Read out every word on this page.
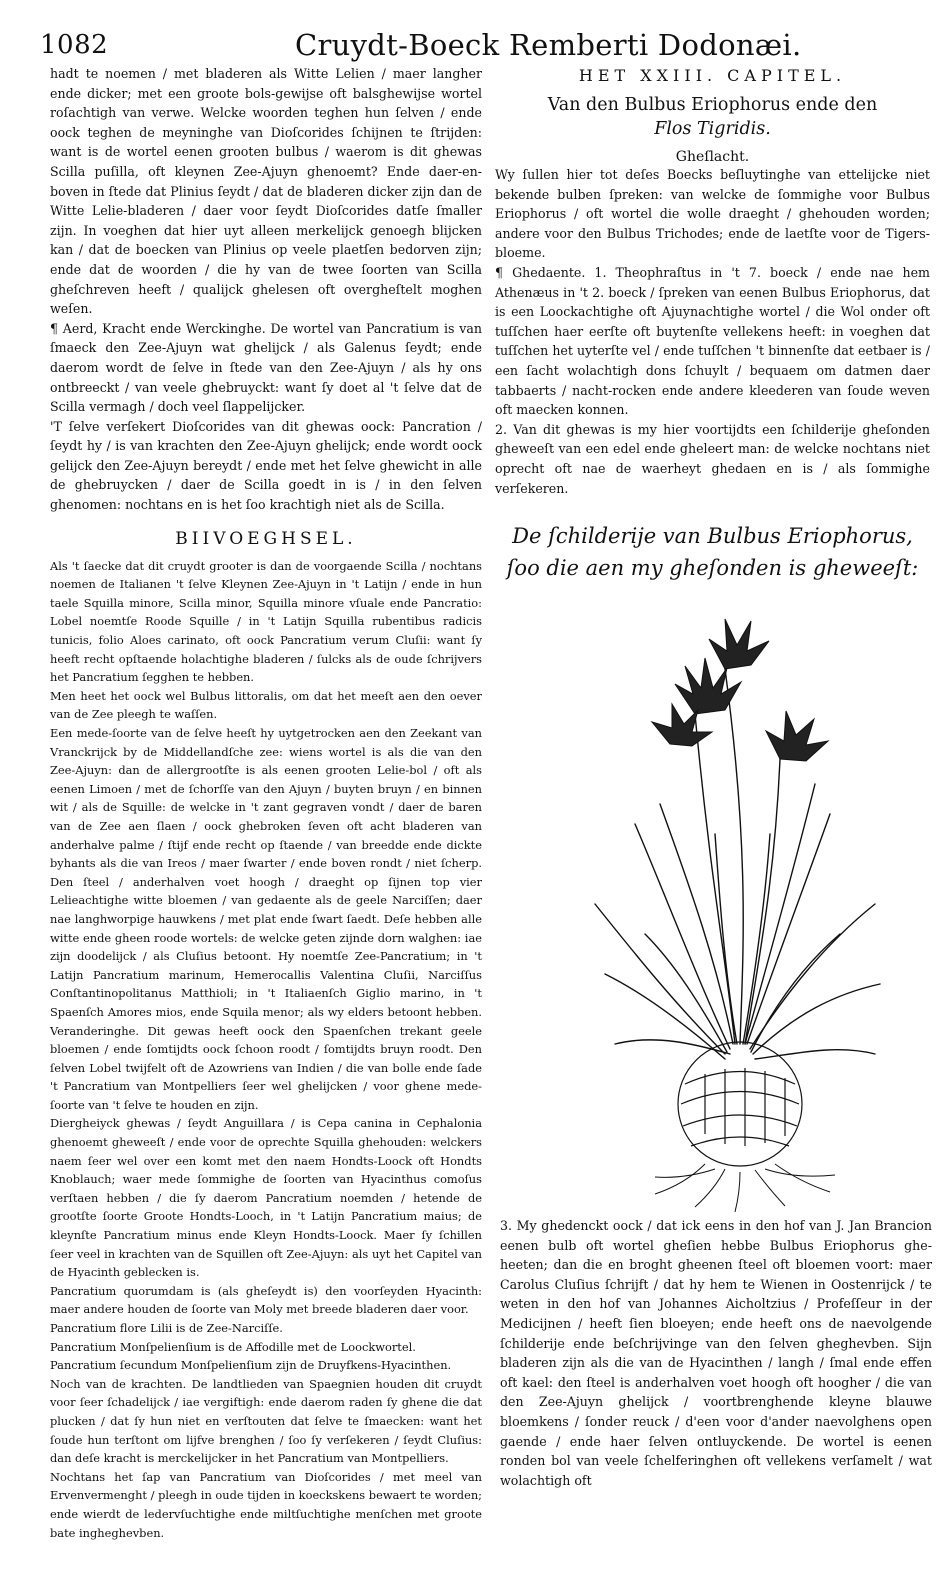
1082	Cruydt-Boeck Remberti Dodonæi.

hadt te noemen / met bladeren als Witte Lelien / maer langher ende dicker; met een groote bols-gewijse oft balsghewijse wortel roſachtigh van verwe. Welcke woorden teghen hun ſelven / ende oock teghen de meyninghe van Dioſcorides ſchijnen te ſtrijden: want is de wortel eenen grooten bulbus / waerom is dit ghewas Scilla puſilla, oft kleynen Zee-Ajuyn ghenoemt? Ende daer-en-boven in ſtede dat Plinius ſeydt / dat de bladeren dicker zijn dan de Witte Lelie-bladeren / daer voor ſeydt Dioſcorides datſe ſmaller zijn. In voeghen dat hier uyt alleen merkelijck genoegh blijcken kan / dat de boecken van Plinius op veele plaetſen bedorven zijn; ende dat de woorden / die hy van de twee ſoorten van Scilla gheſchreven heeft / qualijck ghelesen oft overgheſtelt moghen weſen.

¶ Aerd, Kracht ende Werckinghe. De wortel van Pancratium is van ſmaeck den Zee-Ajuyn wat ghelijck / als Galenus ſeydt; ende daerom wordt de ſelve in ſtede van den Zee-Ajuyn / als hy ons ontbreeckt / van veele ghebruyckt: want ſy doet al 't ſelve dat de Scilla vermagh / doch veel ſlappelijcker.

'T ſelve verſekert Dioſcorides van dit ghewas oock: Pancration / ſeydt hy / is van krachten den Zee-Ajuyn ghelijck; ende wordt oock gelijck den Zee-Ajuyn bereydt / ende met het ſelve ghewicht in alle de ghebruycken / daer de Scilla goedt in is / in den ſelven ghenomen: nochtans en is het ſoo krachtigh niet als de Scilla.

BIIVOEGHSEL.

Als 't ſaecke dat dit cruydt grooter is dan de voorgaende Scilla / nochtans noemen de Italianen 't ſelve Kleynen Zee-Ajuyn in 't Latijn / ende in hun taele Squilla minore, Scilla minor, Squilla minore vſuale ende Pancratio: Lobel noemtſe Roode Squille / in 't Latijn Squilla rubentibus radicis tunicis, folio Aloes carinato, oft oock Pancratium verum Cluſii: want ſy heeft recht opſtaende holachtighe bladeren / ſulcks als de oude ſchrijvers het Pancratium ſegghen te hebben.

Men heet het oock wel Bulbus littoralis, om dat het meeſt aen den oever van de Zee pleegh te waſſen.

Een mede-ſoorte van de ſelve heeſt hy uytgetrocken aen den Zeekant van Vranckrijck by de Middellandſche zee: wiens wortel is als die van den Zee-Ajuyn: dan de allergrootſte is als eenen grooten Lelie-bol / oft als eenen Limoen / met de ſchorſſe van den Ajuyn / buyten bruyn / en binnen wit / als de Squille: de welcke in 't zant gegraven vondt / daer de baren van de Zee aen ſlaen / oock ghebroken ſeven oft acht bladeren van anderhalve palme / ſtijf ende recht op ſtaende / van breedde ende dickte byhants als die van Ireos / maer ſwarter / ende boven rondt / niet ſcherp. Den ſteel / anderhalven voet hoogh / draeght op ſijnen top vier Lelieachtighe witte bloemen / van gedaente als de geele Narciſſen; daer nae langhworpige hauwkens / met plat ende ſwart ſaedt. Deſe hebben alle witte ende gheen roode wortels: de welcke geten zijnde dorn walghen: iae zijn doodelijck / als Cluſius betoont. Hy noemtſe Zee-Pancratium; in 't Latijn Pancratium marinum, Hemerocallis Valentina Cluſii, Narciſſus Conſtantinopolitanus Matthioli; in 't Italiaenſch Giglio marino, in 't Spaenſch Amores mios, ende Squila menor; als wy elders betoont hebben. Veranderinghe. Dit gewas heeft oock den Spaenſchen trekant geele bloemen / ende ſomtijdts oock ſchoon roodt / ſomtijdts bruyn roodt. Den ſelven Lobel twijfelt oft de Azowriens van Indien / die van bolle ende ſade 't Pancratium van Montpelliers ſeer wel ghelijcken / voor ghene mede-ſoorte van 't ſelve te houden en zijn.

Diergheiyck ghewas / ſeydt Anguillara / is Cepa canina in Cephalonia ghenoemt gheweeſt / ende voor de oprechte Squilla ghehouden: welckers naem ſeer wel over een komt met den naem Hondts-Loock oft Hondts Knoblauch; waer mede ſommighe de ſoorten van Hyacinthus comoſus verſtaen hebben / die ſy daerom Pancratium noemden / hetende de grootſte ſoorte Groote Hondts-Looch, in 't Latijn Pancratium maius; de kleynſte Pancratium minus ende Kleyn Hondts-Loock. Maer ſy ſchillen ſeer veel in krachten van de Squillen oft Zee-Ajuyn: als uyt het Capitel van de Hyacinth geblecken is.

Pancratium quorumdam is (als gheſeydt is) den voorſeyden Hyacinth: maer andere houden de ſoorte van Moly met breede bladeren daer voor.

Pancratium flore Lilii is de Zee-Narciſſe.

Pancratium Monſpelienſium is de Affodille met de Loockwortel.

Pancratium ſecundum Monſpelienſium zijn de Druyfkens-Hyacinthen.

Noch van de krachten. De landtlieden van Spaegnien houden dit cruydt voor ſeer ſchadelijck / iae vergiftigh: ende daerom raden ſy ghene die dat plucken / dat ſy hun niet en verſtouten dat ſelve te ſmaecken: want het ſoude hun terſtont om lijfve brenghen / ſoo ſy verſekeren / ſeydt Cluſius: dan deſe kracht is merckelijcker in het Pancratium van Montpelliers.

Nochtans het ſap van Pancratium van Dioſcorides / met meel van Ervenvermenght / pleegh in oude tijden in koeckskens bewaert te worden; ende wierdt de ledervſuchtighe ende miltſuchtighe menſchen met groote bate ingheghevben.

HET XXIII. CAPITEL.
Van den Bulbus Eriophorus ende den
Flos Tigridis.
Gheſlacht.

Wy ſullen hier tot deſes Boecks beſluytinghe van ettelijcke niet bekende bulben ſpreken: van welcke de ſommighe voor Bulbus Eriophorus / oft wortel die wolle draeght / ghehouden worden; andere voor den Bulbus Trichodes; ende de laetſte voor de Tigers-bloeme.

¶ Ghedaente. 1. Theophraſtus in 't 7. boeck / ende nae hem Athenæus in 't 2. boeck / ſpreken van eenen Bulbus Eriophorus, dat is een Loockachtighe oft Ajuynachtighe wortel / die Wol onder oft tuſſchen haer eerſte oft buytenſte vellekens heeft: in voeghen dat tuſſchen het uyterſte vel / ende tuſſchen 't binnenſte dat eetbaer is / een ſacht wolachtigh dons ſchuylt / bequaem om datmen daer tabbaerts / nacht-rocken ende andere kleederen van ſoude weven oft maecken konnen.

2. Van dit ghewas is my hier voortijdts een ſchilderije gheſonden gheweeſt van een edel ende gheleert man: de welcke nochtans niet oprecht oft nae de waerheyt ghedaen en is / als ſommighe verſekeren.

De ſchilderije van Bulbus Eriophorus,
ſoo die aen my gheſonden is gheweeſt:

3. My ghedenckt oock / dat ick eens in den hof van J. Jan Brancion eenen bulb oft wortel gheſien hebbe Bulbus Eriophorus ghe-heeten; dan die en broght gheenen ſteel oft bloemen voort: maer Carolus Cluſius ſchrijft / dat hy hem te Wienen in Oostenrijck / te weten in den hof van Johannes Aicholtzius / Profeſſeur in der Medicijnen / heeft ſien bloeyen; ende heeft ons de naevolgende ſchilderije ende beſchrijvinge van den ſelven gheghevben. Sijn bladeren zijn als die van de Hyacinthen / langh / ſmal ende effen oft kael: den ſteel is anderhalven voet hoogh oft hoogher / die van den Zee-Ajuyn ghelijck / voortbrenghende kleyne blauwe bloemkens / ſonder reuck / d'een voor d'ander naevolghens open gaende / ende haer ſelven ontluyckende. De wortel is eenen ronden bol van veele ſchelferinghen oft vellekens verſamelt / wat wolachtigh oft
